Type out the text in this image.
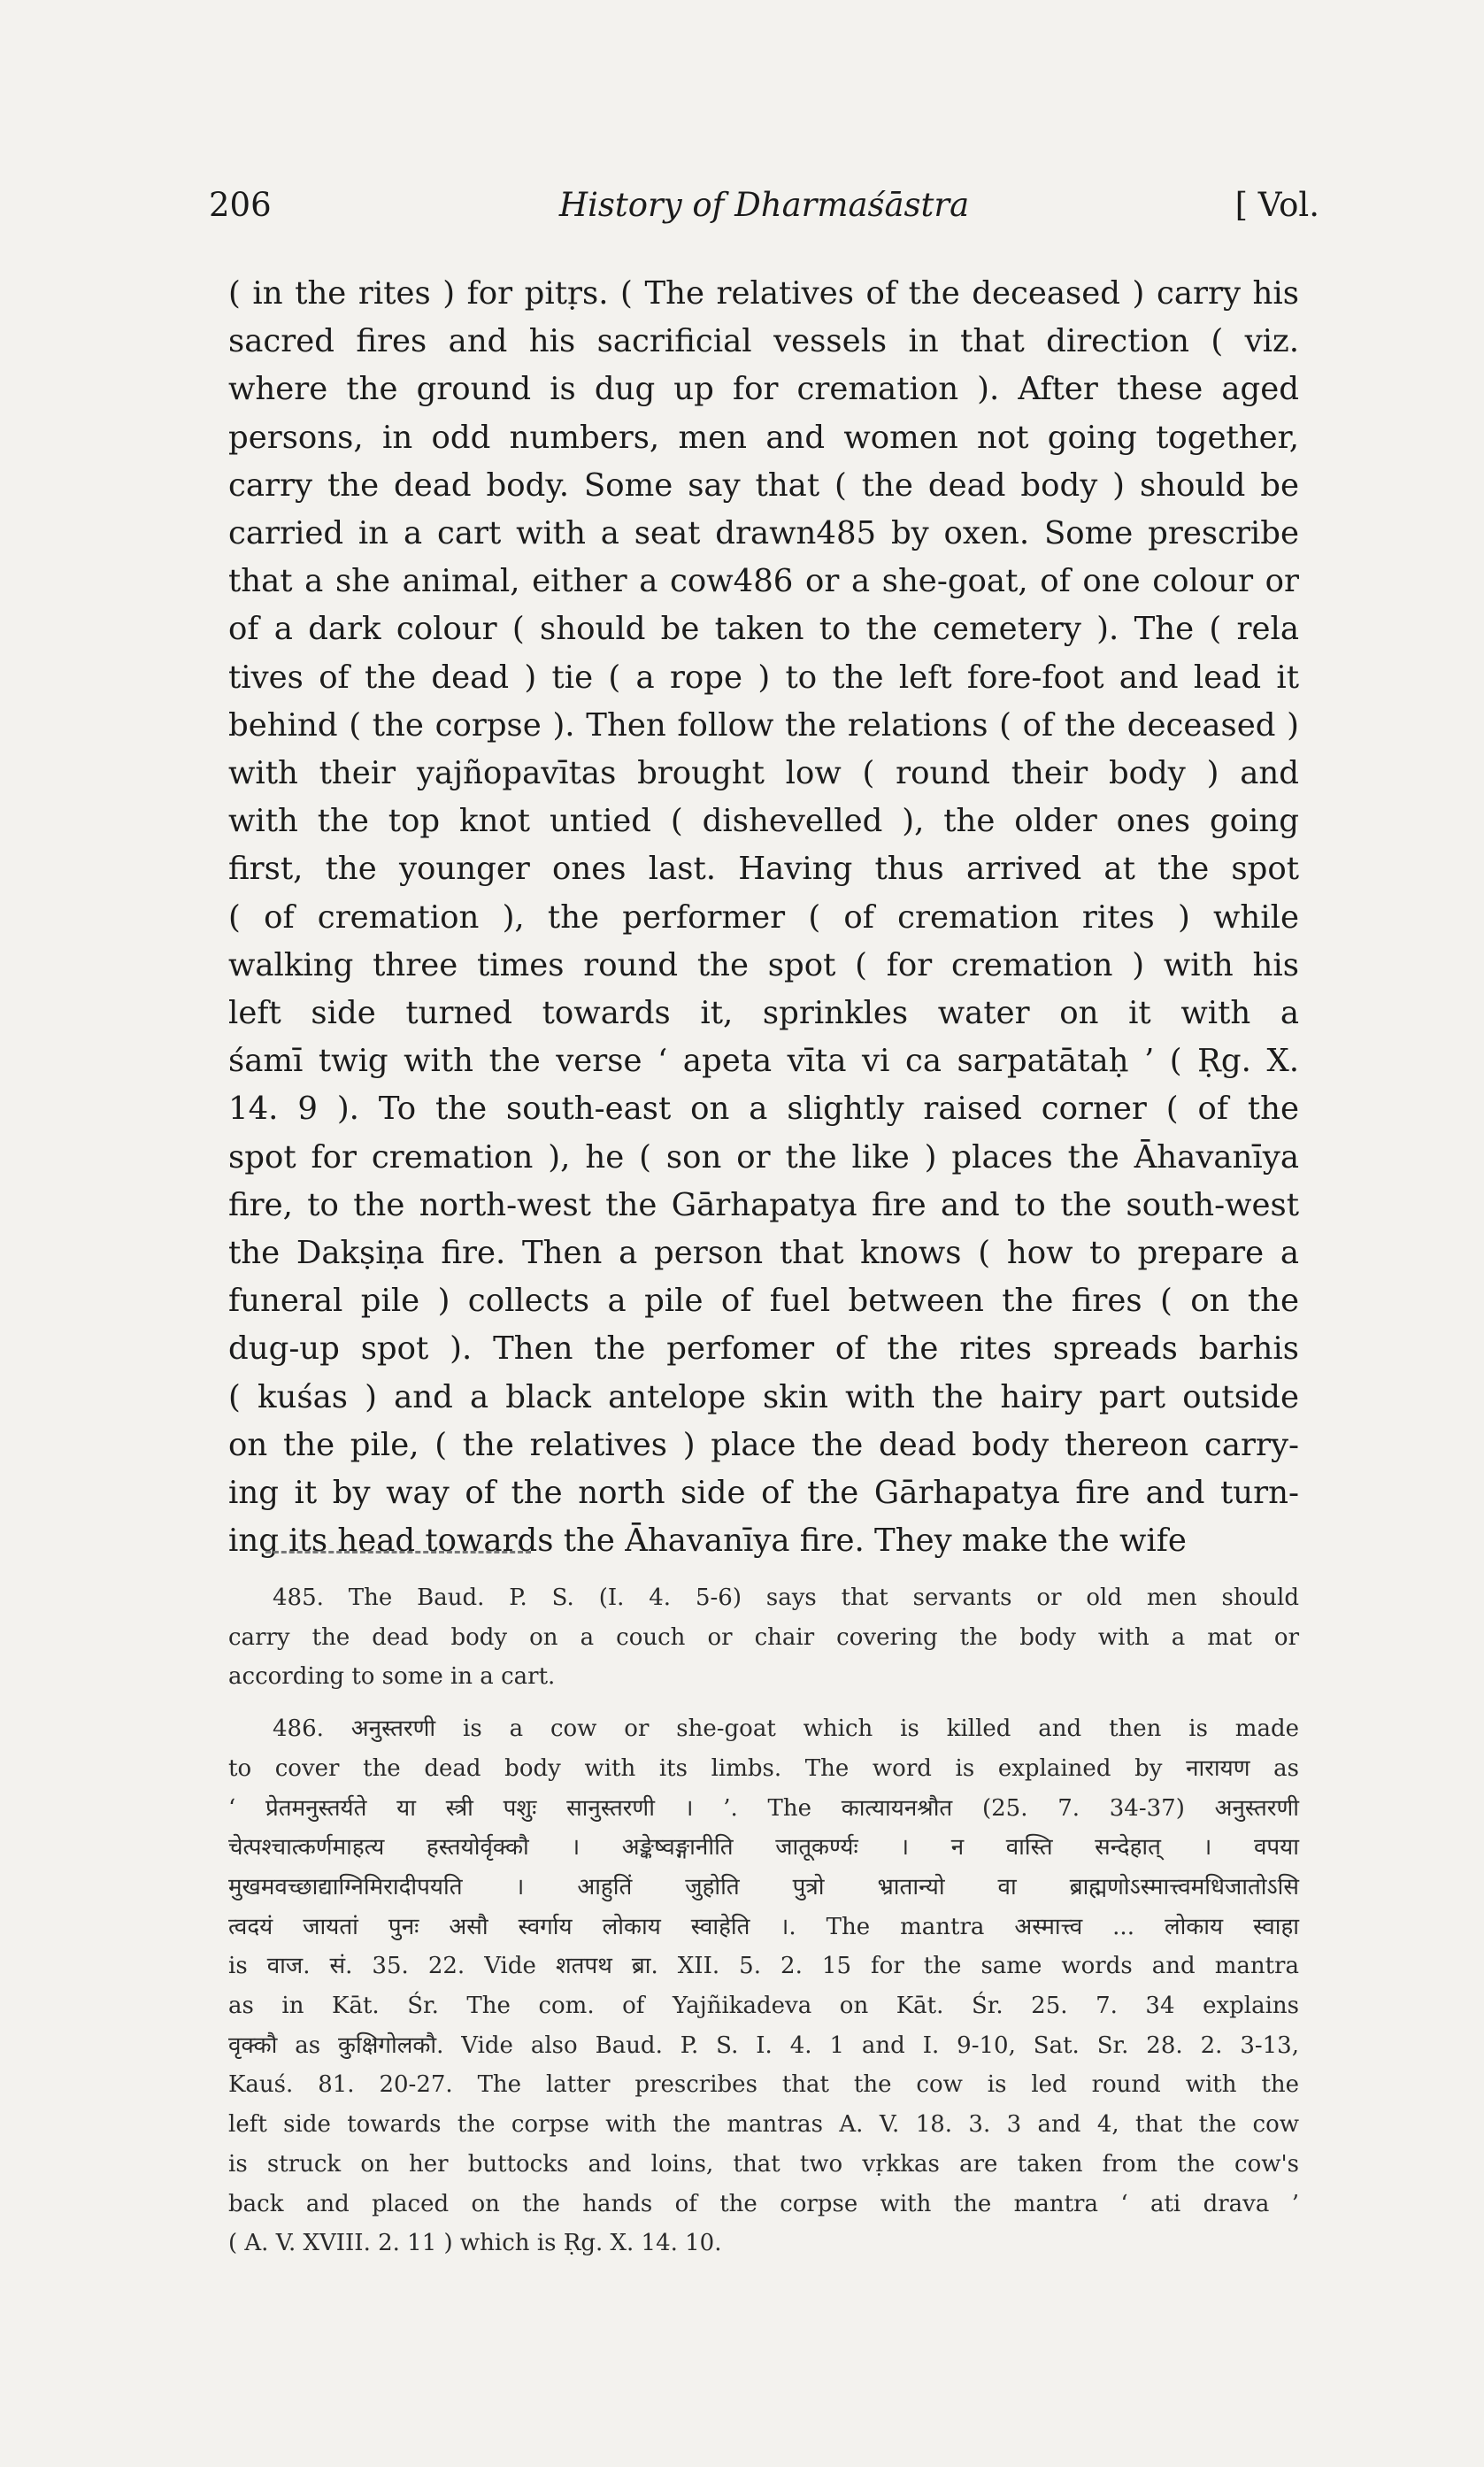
206	History of Dharmaśāstra	[ Vol.
( in the rites ) for pitṛs. ( The relatives of the deceased ) carry his
sacred fires and his sacrificial vessels in that direction ( viz.
where the ground is dug up for cremation ). After these aged
persons, in odd numbers, men and women not going together,
carry the dead body. Some say that ( the dead body ) should be
carried in a cart with a seat drawn485 by oxen. Some prescribe
that a she animal, either a cow486 or a she-goat, of one colour or
of a dark colour ( should be taken to the cemetery ). The ( rela
tives of the dead ) tie ( a rope ) to the left fore-foot and lead it
behind ( the corpse ). Then follow the relations ( of the deceased )
with their yajñopavītas brought low ( round their body ) and
with the top knot untied ( dishevelled ), the older ones going
first, the younger ones last. Having thus arrived at the spot
( of cremation ), the performer ( of cremation rites ) while
walking three times round the spot ( for cremation ) with his
left side turned towards it, sprinkles water on it with a
śamī twig with the verse ‘ apeta vīta vi ca sarpatātaḥ ’ ( Ṛg. X.
14. 9 ). To the south-east on a slightly raised corner ( of the
spot for cremation ), he ( son or the like ) places the Āhavanīya
fire, to the north-west the Gārhapatya fire and to the south-west
the Dakṣiṇa fire. Then a person that knows ( how to prepare a
funeral pile ) collects a pile of fuel between the fires ( on the
dug-up spot ). Then the perfomer of the rites spreads barhis
( kuśas ) and a black antelope skin with the hairy part outside
on the pile, ( the relatives ) place the dead body thereon carry-
ing it by way of the north side of the Gārhapatya fire and turn-
ing its head towards the Āhavanīya fire. They make the wife
485. The Baud. P. S. (I. 4. 5-6) says that servants or old men should
carry the dead body on a couch or chair covering the body with a mat or
according to some in a cart.
486. अनुस्तरणी is a cow or she-goat which is killed and then is made
to cover the dead body with its limbs. The word is explained by नारायण as
‘ प्रेतमनुस्तर्यते या स्त्री पशुः सानुस्तरणी । ’. The कात्यायनश्रौत (25. 7. 34-37) अनुस्तरणी
चेत्पश्चात्कर्णमाहत्य हस्तयोर्वृक्कौ । अङ्केष्वङ्गानीति जातूकर्ण्यः । न वास्ति सन्देहात् । वपया
मुखमवच्छाद्याग्निमिरादीपयति । आहुतिं जुहोति पुत्रो भ्रातान्यो वा ब्राह्मणोऽस्मात्त्वमधिजातोऽसि
त्वदयं जायतां पुनः असौ स्वर्गाय लोकाय स्वाहेति ।. The mantra अस्मात्त्व ... लोकाय स्वाहा
is वाज. सं. 35. 22. Vide शतपथ ब्रा. XII. 5. 2. 15 for the same words and mantra
as in Kāt. Śr. The com. of Yajñikadeva on Kāt. Śr. 25. 7. 34 explains
वृक्कौ as कुक्षिगोलकौ. Vide also Baud. P. S. I. 4. 1 and I. 9-10, Sat. Sr. 28. 2. 3-13,
Kauś. 81. 20-27. The latter prescribes that the cow is led round with the
left side towards the corpse with the mantras A. V. 18. 3. 3 and 4, that the cow
is struck on her buttocks and loins, that two vṛkkas are taken from the cow's
back and placed on the hands of the corpse with the mantra ‘ ati drava ’
( A. V. XVIII. 2. 11 ) which is Ṛg. X. 14. 10.
